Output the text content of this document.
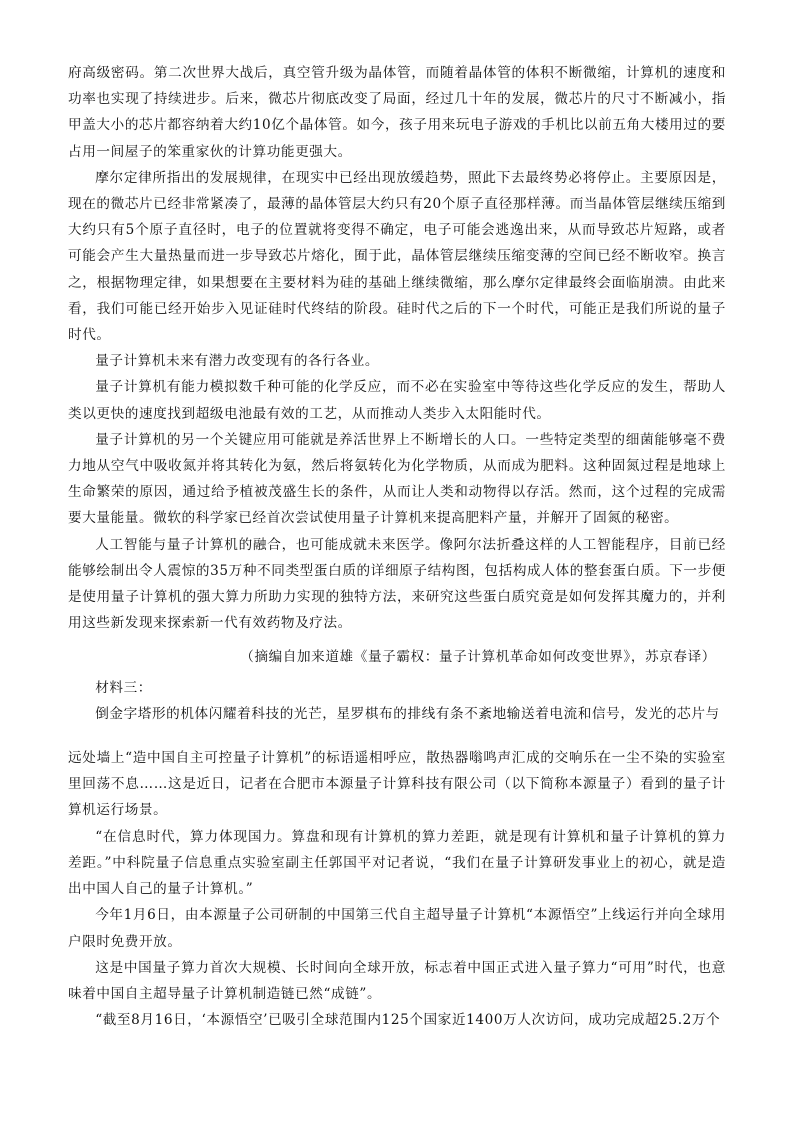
府高级密码。第二次世界大战后，真空管升级为晶体管，而随着晶体管的体积不断微缩，计算机的速度和功率也实现了持续进步。后来，微芯片彻底改变了局面，经过几十年的发展，微芯片的尺寸不断减小，指甲盖大小的芯片都容纳着大约10亿个晶体管。如今，孩子用来玩电子游戏的手机比以前五角大楼用过的要占用一间屋子的笨重家伙的计算功能更强大。

摩尔定律所指出的发展规律，在现实中已经出现放缓趋势，照此下去最终势必将停止。主要原因是，现在的微芯片已经非常紧凑了，最薄的晶体管层大约只有20个原子直径那样薄。而当晶体管层继续压缩到大约只有5个原子直径时，电子的位置就将变得不确定，电子可能会逃逸出来，从而导致芯片短路，或者可能会产生大量热量而进一步导致芯片熔化，囿于此，晶体管层继续压缩变薄的空间已经不断收窄。换言之，根据物理定律，如果想要在主要材料为硅的基础上继续微缩，那么摩尔定律最终会面临崩溃。由此来看，我们可能已经开始步入见证硅时代终结的阶段。硅时代之后的下一个时代，可能正是我们所说的量子时代。

量子计算机未来有潜力改变现有的各行各业。

量子计算机有能力模拟数千种可能的化学反应，而不必在实验室中等待这些化学反应的发生，帮助人类以更快的速度找到超级电池最有效的工艺，从而推动人类步入太阳能时代。

量子计算机的另一个关键应用可能就是养活世界上不断增长的人口。一些特定类型的细菌能够毫不费力地从空气中吸收氮并将其转化为氨，然后将氨转化为化学物质，从而成为肥料。这种固氮过程是地球上生命繁荣的原因，通过给予植被茂盛生长的条件，从而让人类和动物得以存活。然而，这个过程的完成需要大量能量。微软的科学家已经首次尝试使用量子计算机来提高肥料产量，并解开了固氮的秘密。

人工智能与量子计算机的融合，也可能成就未来医学。像阿尔法折叠这样的人工智能程序，目前已经能够绘制出令人震惊的35万种不同类型蛋白质的详细原子结构图，包括构成人体的整套蛋白质。下一步便是使用量子计算机的强大算力所助力实现的独特方法，来研究这些蛋白质究竟是如何发挥其魔力的，并利用这些新发现来探索新一代有效药物及疗法。

（摘编自加来道雄《量子霸权：量子计算机革命如何改变世界》，苏京春译）

材料三：

倒金字塔形的机体闪耀着科技的光芒，星罗棋布的排线有条不紊地输送着电流和信号，发光的芯片与

远处墙上“造中国自主可控量子计算机”的标语遥相呼应，散热器嗡鸣声汇成的交响乐在一尘不染的实验室里回荡不息……这是近日，记者在合肥市本源量子计算科技有限公司（以下简称本源量子）看到的量子计算机运行场景。

“在信息时代，算力体现国力。算盘和现有计算机的算力差距，就是现有计算机和量子计算机的算力差距。”中科院量子信息重点实验室副主任郭国平对记者说，“我们在量子计算研发事业上的初心，就是造出中国人自己的量子计算机。”

今年1月6日，由本源量子公司研制的中国第三代自主超导量子计算机“本源悟空”上线运行并向全球用户限时免费开放。

这是中国量子算力首次大规模、长时间向全球开放，标志着中国正式进入量子算力“可用”时代，也意味着中国自主超导量子计算机制造链已然“成链”。

“截至8月16日，‘本源悟空’已吸引全球范围内125个国家近1400万人次访问，成功完成超25.2万个
